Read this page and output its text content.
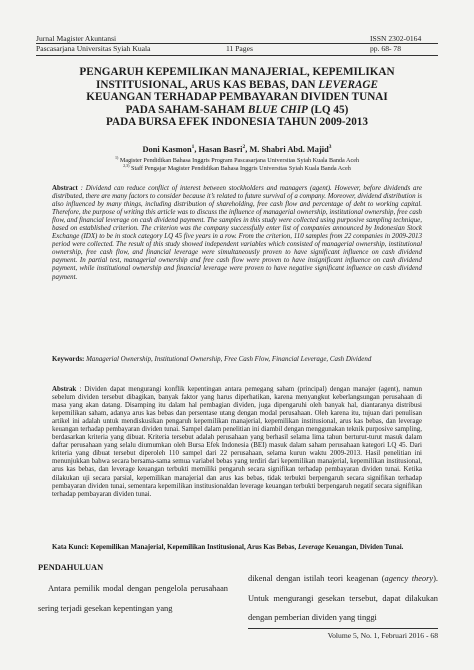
Jurnal Magister Akuntansi	ISSN 2302-0164
Pascasarjana Universitas Syiah Kuala	11 Pages	pp. 68- 78
PENGARUH KEPEMILIKAN MANAJERIAL, KEPEMILIKAN
INSTITUSIONAL, ARUS KAS BEBAS, DAN LEVERAGE
KEUANGAN TERHADAP PEMBAYARAN DIVIDEN TUNAI
PADA SAHAM-SAHAM BLUE CHIP (LQ 45)
PADA BURSA EFEK INDONESIA TAHUN 2009-2013
Doni Kasmon$^1$, Hasan Basri$^2$, M. Shabri Abd. Majid$^3$
$^{1)}$ Magister Pendidikan Bahasa Inggris Program Pascasarjana Universitas Syiah Kuala Banda Aceh
$^{2,3)}$ Staff Pengajar Magister Pendidikan Bahasa Inggris Universitas Syiah Kuala Banda Aceh
Abstract : Dividend can reduce conflict of interest between stockholders and managers (agent). However, before dividends are distributed, there are many factors to consider because it’s related to future survival of a company. Moreover, dividend distribution is also influenced by many things, including distribution of shareholding, free cash flow and percentage of debt to working capital. Therefore, the purpose of writing this article was to discuss the influence of managerial ownership, institutional ownership, free cash flow, and financial leverage on cash dividend payment. The samples in this study were collected using purposive sampling technique, based on established criterion. The criterion was the company successfully enter list of companies announced by Indonesian Stock Exchange (IDX) to be in stock category LQ 45 five years in a row. From the criterion, 110 samples from 22 companies in 2009-2013 period were collected. The result of this study showed independent variables which consisted of managerial ownership, institutional ownership, free cash flow, and financial leverage were simultaneously proven to have significant influence on cash dividend payment. In partial test, managerial ownership and free cash flow were proven to have insignificant influence on cash dividend payment, while institutional ownership and financial leverage were proven to have negative significant influence on cash dividend payment.
Keywords: Managerial Ownership, Institutional Ownership, Free Cash Flow, Financial Leverage, Cash Dividend
Abstrak : Dividen dapat mengurangi konflik kepentingan antara pemegang saham (principal) dengan manajer (agent), namun sebelum dividen tersebut dibagikan, banyak faktor yang harus diperhatikan, karena menyangkut keberlangsungan perusahaan di masa yang akan datang. Disamping itu dalam hal pembagian dividen, juga dipengaruhi oleh banyak hal, diantaranya distribusi kepemilikan saham, adanya arus kas bebas dan persentase utang dengan modal perusahaan. Oleh karena itu, tujuan dari penulisan artikel ini adalah untuk mendiskusikan pengaruh kepemilikan manajerial, kepemilikan institusional, arus kas bebas, dan leverage keuangan terhadap pembayaran dividen tunai. Sampel dalam penelitian ini diambil dengan menggunakan teknik purposive sampling, berdasarkan kriteria yang dibuat. Kriteria tersebut adalah perusahaan yang berhasil selama lima tahun berturut-turut masuk dalam daftar perusahaan yang selalu diumumkan oleh Bursa Efek Indonesia (BEI) masuk dalam saham perusahaan kategori LQ 45. Dari kriteria yang dibuat tersebut diperoleh 110 sampel dari 22 perusahaan, selama kurun waktu 2009-2013. Hasil penelitian ini menunjukkan bahwa secara bersama-sama semua variabel bebas yang terdiri dari kepemilikan manajerial, kepemilikan institusional, arus kas bebas, dan leverage keuangan terbukti memiliki pengaruh secara signifikan terhadap pembayaran dividen tunai. Ketika dilakukan uji secara parsial, kepemilikan manajerial dan arus kas bebas, tidak terbukti berpengaruh secara signifikan terhadap pembayaran dividen tunai, sementara kepemilikan institusionaldan leverage keuangan terbukti berpengaruh negatif secara signifikan terhadap pembayaran dividen tunai.
Kata Kunci: Kepemilikan Manajerial, Kepemilikan Institusional, Arus Kas Bebas, Leverage Keuangan, Dividen Tunai.
PENDAHULUAN

Antara pemilik modal dengan pengelola perusahaan sering terjadi gesekan kepentingan yang

dikenal dengan istilah teori keagenan (agency theory). Untuk mengurangi gesekan tersebut, dapat dilakukan dengan pemberian dividen yang tinggi

Volume 5, No. 1, Februari 2016 - 68
